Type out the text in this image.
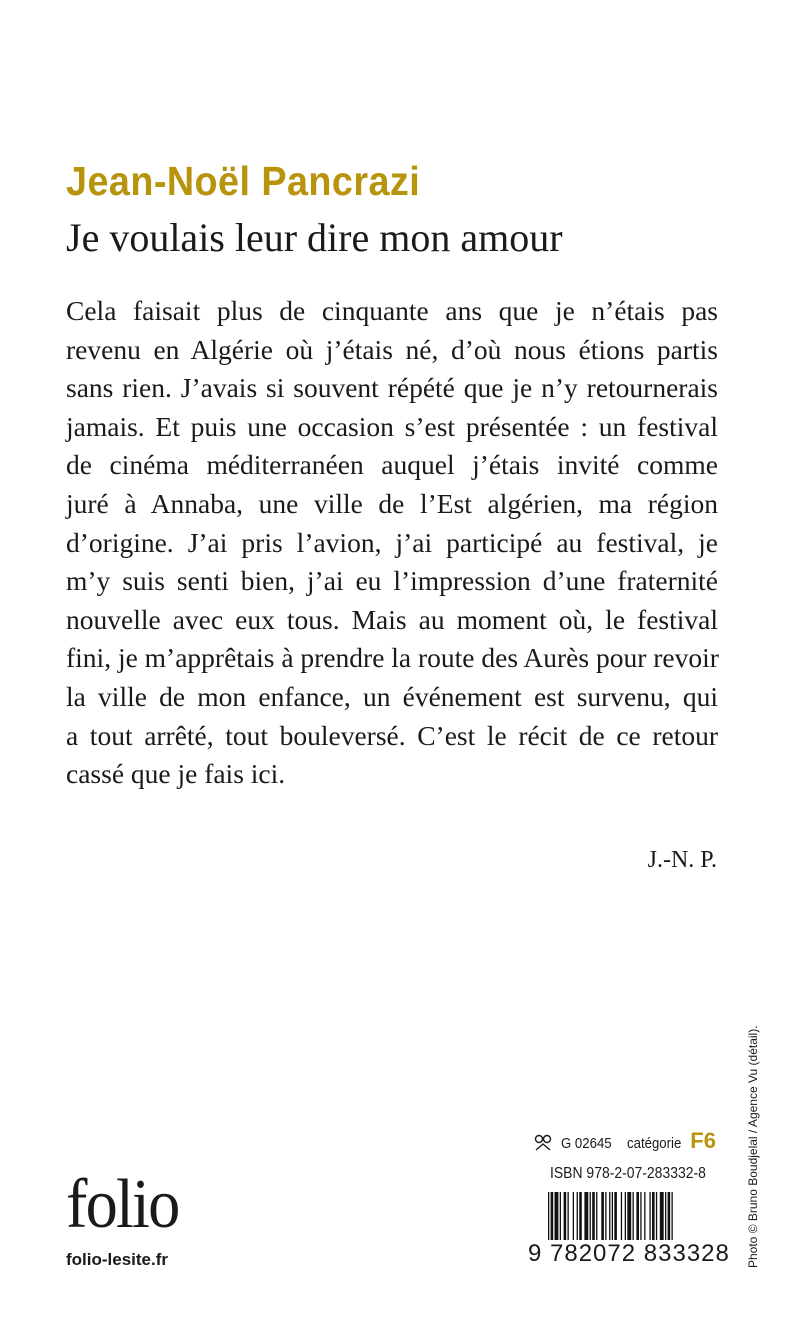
Jean-Noël Pancrazi
Je voulais leur dire mon amour
Cela faisait plus de cinquante ans que je n’étais pas
revenu en Algérie où j’étais né, d’où nous étions partis
sans rien. J’avais si souvent répété que je n’y retournerais
jamais. Et puis une occasion s’est présentée : un festival
de cinéma méditerranéen auquel j’étais invité comme
juré à Annaba, une ville de l’Est algérien, ma région
d’origine. J’ai pris l’avion, j’ai participé au festival, je
m’y suis senti bien, j’ai eu l’impression d’une fraternité
nouvelle avec eux tous. Mais au moment où, le festival
fini, je m’apprêtais à prendre la route des Aurès pour revoir
la ville de mon enfance, un événement est survenu, qui
a tout arrêté, tout bouleversé. C’est le récit de ce retour
cassé que je fais ici.
J.-N. P.
Photo © Bruno Boudjelal / Agence Vu (détail).
G 02645 catégorie F6
ISBN 978-2-07-283332-8
9 782072 833328
folio
folio-lesite.fr
